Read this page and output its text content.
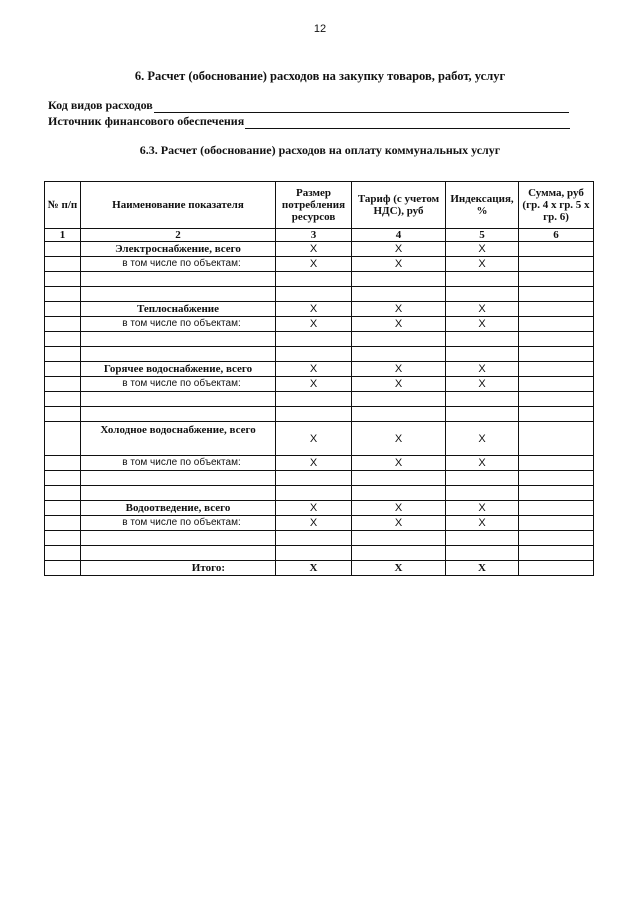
12
6. Расчет (обоснование) расходов на закупку товаров, работ, услуг
Код видов расходов
Источник финансового обеспечения
6.3. Расчет (обоснование) расходов на оплату коммунальных услуг
№ п/п	Наименование показателя	Размер потребления ресурсов	Тариф (с учетом НДС), руб	Индексация, %	Сумма, руб (гр. 4 х гр. 5 х гр. 6)
1	2	3	4	5	6
	Электроснабжение, всего	X	X	X	
	в том числе по объектам:	X	X	X	

	Теплоснабжение	X	X	X	
	в том числе по объектам:	X	X	X	

	Горячее водоснабжение, всего	X	X	X	
	в том числе по объектам:	X	X	X	

	Холодное водоснабжение, всего	X	X	X	
	в том числе по объектам:	X	X	X	

	Водоотведение, всего	X	X	X	
	в том числе по объектам:	X	X	X	

	Итого:	X	X	X	
